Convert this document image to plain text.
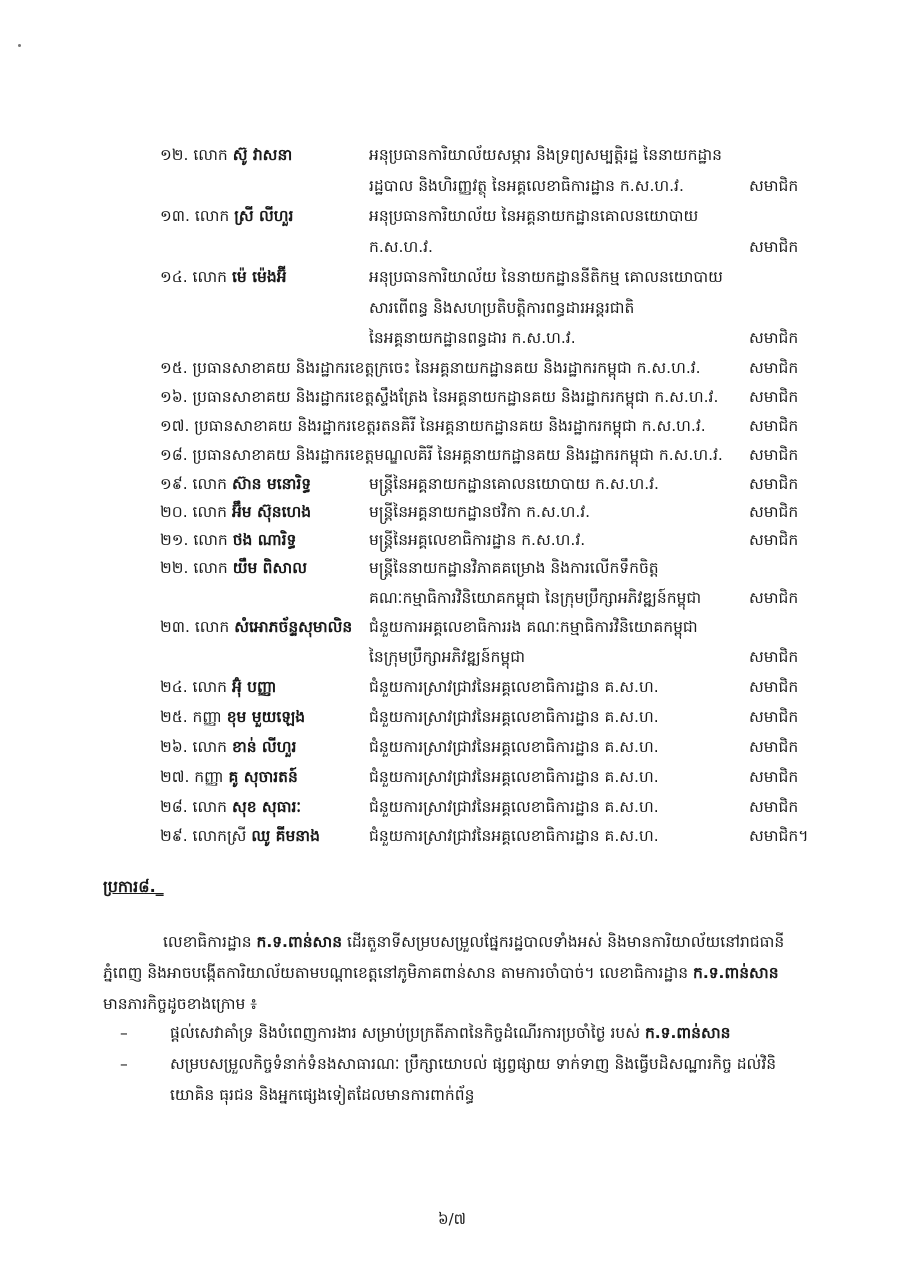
១២. លោក ស៊ូ វាសនា	អនុប្រធានការិយាល័យសម្ភារ និងទ្រព្យសម្បត្តិរដ្ឋ នៃនាយកដ្ឋាន
រដ្ឋបាល និងហិរញ្ញវត្ថុ នៃអគ្គលេខាធិការដ្ឋាន ក.ស.ហ.វ.	សមាជិក
១៣. លោក ស្រី លីហួរ	អនុប្រធានការិយាល័យ នៃអគ្គនាយកដ្ឋានគោលនយោបាយ
ក.ស.ហ.វ.	សមាជិក
១៤. លោក ម៉េ ម៉េងអ៊ី	អនុប្រធានការិយាល័យ នៃនាយកដ្ឋាននីតិកម្ម គោលនយោបាយ
សារពើពន្ធ និងសហប្រតិបត្តិការពន្ធដារអន្តរជាតិ
នៃអគ្គនាយកដ្ឋានពន្ធដារ ក.ស.ហ.វ.	សមាជិក
១៥. ប្រធានសាខាគយ និងរដ្ឋាករខេត្តក្រចេះ នៃអគ្គនាយកដ្ឋានគយ និងរដ្ឋាករកម្ពុជា ក.ស.ហ.វ.	សមាជិក
១៦. ប្រធានសាខាគយ និងរដ្ឋាករខេត្តស្ទឹងត្រែង នៃអគ្គនាយកដ្ឋានគយ និងរដ្ឋាករកម្ពុជា ក.ស.ហ.វ. សមាជិក
១៧. ប្រធានសាខាគយ និងរដ្ឋាករខេត្តរតនគិរី នៃអគ្គនាយកដ្ឋានគយ និងរដ្ឋាករកម្ពុជា ក.ស.ហ.វ.	សមាជិក
១៨. ប្រធានសាខាគយ និងរដ្ឋាករខេត្តមណ្ឌលគិរី នៃអគ្គនាយកដ្ឋានគយ និងរដ្ឋាករកម្ពុជា ក.ស.ហ.វ. សមាជិក
១៩. លោក ស៊ាន មនោរិទ្ធ	មន្ត្រីនៃអគ្គនាយកដ្ឋានគោលនយោបាយ ក.ស.ហ.វ.	សមាជិក
២០. លោក អ៊ឹម ស៊ុនហេង	មន្ត្រីនៃអគ្គនាយកដ្ឋានថវិកា ក.ស.ហ.វ.	សមាជិក
២១. លោក ថង ណារិទ្ធ	មន្ត្រីនៃអគ្គលេខាធិការដ្ឋាន ក.ស.ហ.វ.	សមាជិក
២២. លោក យឹម ពិសាល	មន្ត្រីនៃនាយកដ្ឋានវិភាគគម្រោង និងការលើកទឹកចិត្ត
គណៈកម្មាធិការវិនិយោគកម្ពុជា នៃក្រុមប្រឹក្សាអភិវឌ្ឍន៍កម្ពុជា	សមាជិក
២៣. លោក សំអោភច័ន្ទសុមាលិន ជំនួយការអគ្គលេខាធិការរង គណៈកម្មាធិការវិនិយោគកម្ពុជា
នៃក្រុមប្រឹក្សាអភិវឌ្ឍន៍កម្ពុជា	សមាជិក
២៤. លោក អ៊ុំ បញ្ញា	ជំនួយការស្រាវជ្រាវនៃអគ្គលេខាធិការដ្ឋាន គ.ស.ហ.	សមាជិក
២៥. កញ្ញា ខុម មួយឡេង	ជំនួយការស្រាវជ្រាវនៃអគ្គលេខាធិការដ្ឋាន គ.ស.ហ.	សមាជិក
២៦. លោក ខាន់ លីហួរ	ជំនួយការស្រាវជ្រាវនៃអគ្គលេខាធិការដ្ឋាន គ.ស.ហ.	សមាជិក
២៧. កញ្ញា គូ សុចារតន៍	ជំនួយការស្រាវជ្រាវនៃអគ្គលេខាធិការដ្ឋាន គ.ស.ហ.	សមាជិក
២៨. លោក សុខ សុធារៈ	ជំនួយការស្រាវជ្រាវនៃអគ្គលេខាធិការដ្ឋាន គ.ស.ហ.	សមាជិក
២៩. លោកស្រី ឈូ គីមនាង	ជំនួយការស្រាវជ្រាវនៃអគ្គលេខាធិការដ្ឋាន គ.ស.ហ.	សមាជិក។
ប្រការ៨._
លេខាធិការដ្ឋាន ក.ទ.ពាន់សាន ដើរតួនាទីសម្របសម្រួលផ្នែករដ្ឋបាលទាំងអស់ និងមានការិយាល័យនៅរាជធានីភ្នំពេញ និងអាចបង្កើតការិយាល័យតាមបណ្តាខេត្តនៅភូមិភាគពាន់សាន តាមការចាំបាច់។ លេខាធិការដ្ឋាន ក.ទ.ពាន់សាន មានភារកិច្ចដូចខាងក្រោម ៖
–	ផ្តល់សេវាគាំទ្រ និងបំពេញការងារ សម្រាប់ប្រក្រតីភាពនៃកិច្ចដំណើរការប្រចាំថ្ងៃ របស់ ក.ទ.ពាន់សាន
–	សម្របសម្រួលកិច្ចទំនាក់ទំនងសាធារណៈ ប្រឹក្សាយោបល់ ផ្សព្វផ្សាយ ទាក់ទាញ និងធ្វើបដិសណ្ឋារកិច្ច ដល់វិនិយោគិន ធុរជន និងអ្នកផ្សេងទៀតដែលមានការពាក់ព័ន្ធ
៦/៧
